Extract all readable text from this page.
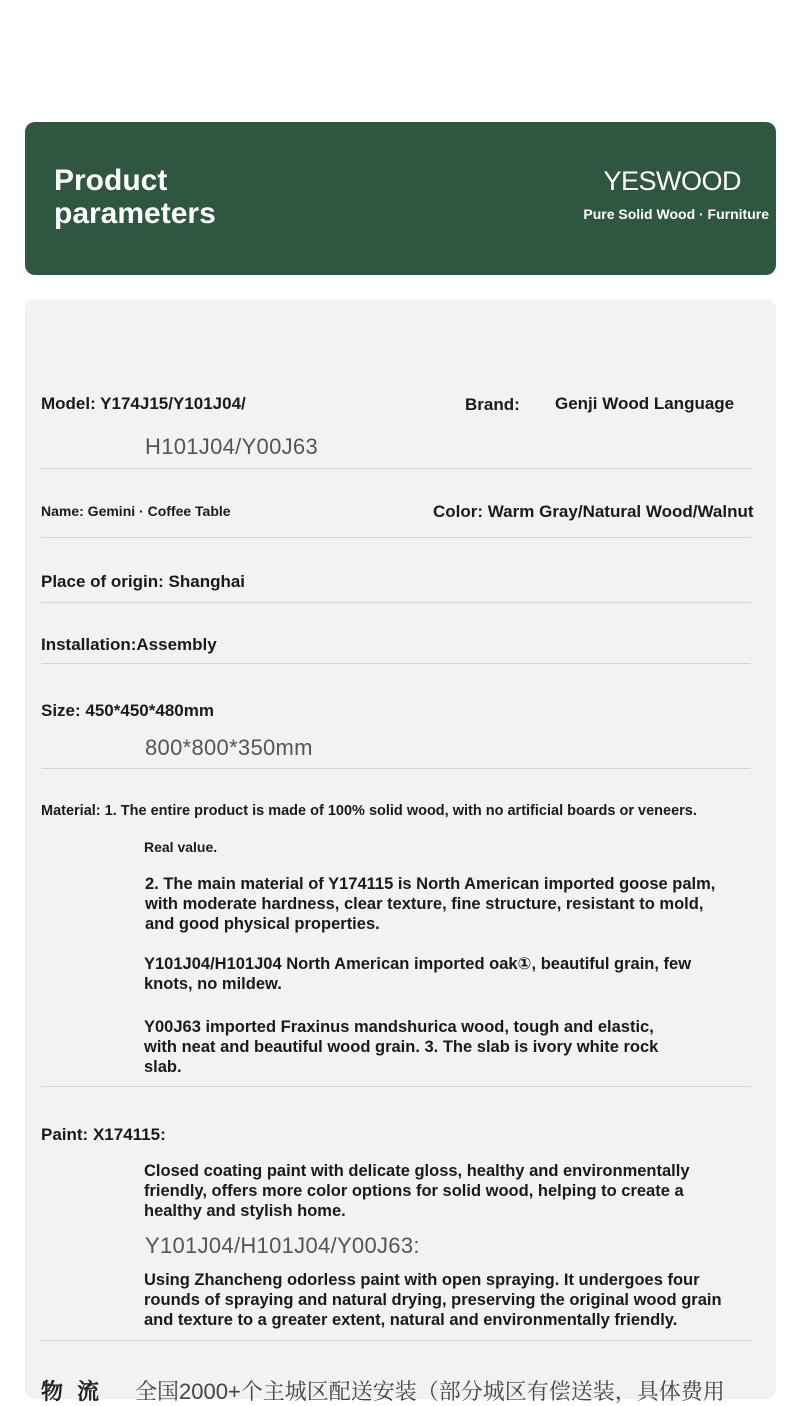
Product parameters
YESWOOD
Pure Solid Wood · Furniture
Model: Y174J15/Y101J04/	Brand: Genji Wood Language
H101J04/Y00J63
Name: Gemini · Coffee Table	Color: Warm Gray/Natural Wood/Walnut
Place of origin: Shanghai
Installation:Assembly
Size: 450*450*480mm
800*800*350mm
Material: 1. The entire product is made of 100% solid wood, with no artificial boards or veneers.
Real value.
2. The main material of Y174115 is North American imported goose palm, with moderate hardness, clear texture, fine structure, resistant to mold, and good physical properties.
Y101J04/H101J04 North American imported oak①, beautiful grain, few knots, no mildew.
Y00J63 imported Fraxinus mandshurica wood, tough and elastic, with neat and beautiful wood grain. 3. The slab is ivory white rock slab.
Paint: X174115:
Closed coating paint with delicate gloss, healthy and environmentally friendly, offers more color options for solid wood, helping to create a healthy and stylish home.
Y101J04/H101J04/Y00J63:
Using Zhancheng odorless paint with open spraying. It undergoes four rounds of spraying and natural drying, preserving the original wood grain and texture to a greater extent, natural and environmentally friendly.
物流 全国2000+个主城区配送安装（部分城区有偿送装，具体费用
